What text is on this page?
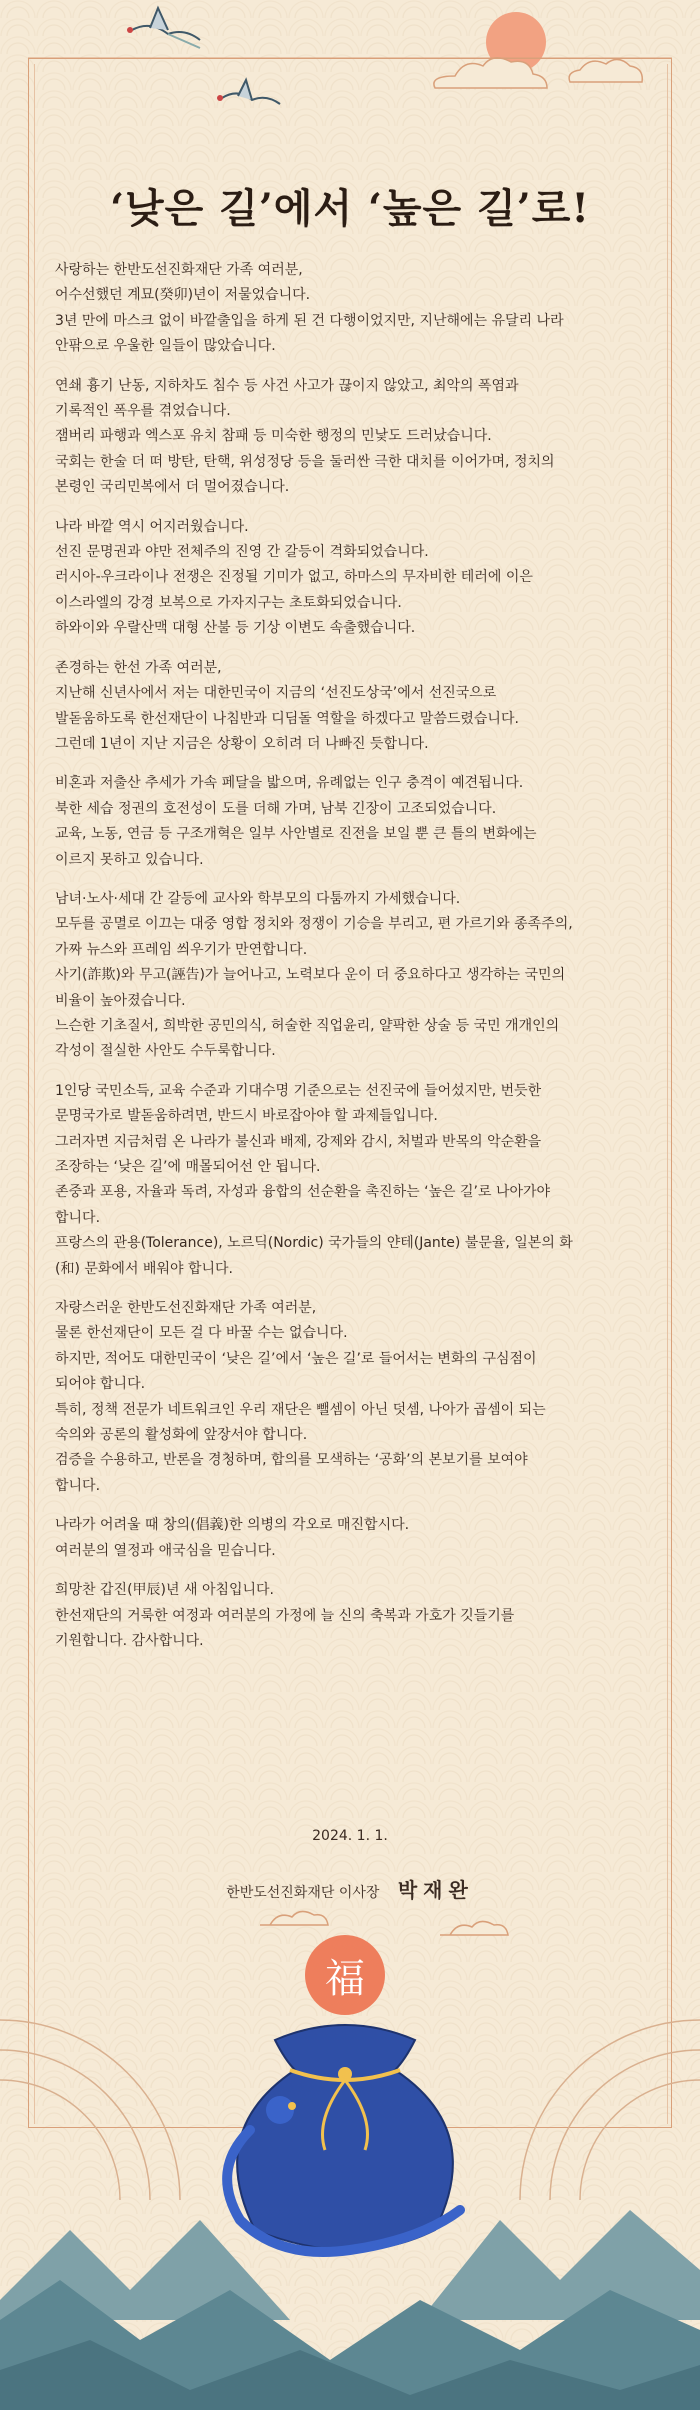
‘낮은 길’에서 ‘높은 길’로!
사랑하는 한반도선진화재단 가족 여러분,
어수선했던 계묘(癸卯)년이 저물었습니다.
3년 만에 마스크 없이 바깥출입을 하게 된 건 다행이었지만, 지난해에는 유달리 나라
안팎으로 우울한 일들이 많았습니다.
연쇄 흉기 난동, 지하차도 침수 등 사건 사고가 끊이지 않았고, 최악의 폭염과
기록적인 폭우를 겪었습니다.
잼버리 파행과 엑스포 유치 참패 등 미숙한 행정의 민낯도 드러났습니다.
국회는 한술 더 떠 방탄, 탄핵, 위성정당 등을 둘러싼 극한 대치를 이어가며, 정치의
본령인 국리민복에서 더 멀어졌습니다.
나라 바깥 역시 어지러웠습니다.
선진 문명권과 야만 전체주의 진영 간 갈등이 격화되었습니다.
러시아-우크라이나 전쟁은 진정될 기미가 없고, 하마스의 무자비한 테러에 이은
이스라엘의 강경 보복으로 가자지구는 초토화되었습니다.
하와이와 우랄산맥 대형 산불 등 기상 이변도 속출했습니다.
존경하는 한선 가족 여러분,
지난해 신년사에서 저는 대한민국이 지금의 ‘선진도상국’에서 선진국으로
발돋움하도록 한선재단이 나침반과 디딤돌 역할을 하겠다고 말씀드렸습니다.
그런데 1년이 지난 지금은 상황이 오히려 더 나빠진 듯합니다.
비혼과 저출산 추세가 가속 페달을 밟으며, 유례없는 인구 충격이 예견됩니다.
북한 세습 정권의 호전성이 도를 더해 가며, 남북 긴장이 고조되었습니다.
교육, 노동, 연금 등 구조개혁은 일부 사안별로 진전을 보일 뿐 큰 틀의 변화에는
이르지 못하고 있습니다.
남녀·노사·세대 간 갈등에 교사와 학부모의 다툼까지 가세했습니다.
모두를 공멸로 이끄는 대중 영합 정치와 정쟁이 기승을 부리고, 편 가르기와 종족주의,
가짜 뉴스와 프레임 씌우기가 만연합니다.
사기(詐欺)와 무고(誣告)가 늘어나고, 노력보다 운이 더 중요하다고 생각하는 국민의
비율이 높아졌습니다.
느슨한 기초질서, 희박한 공민의식, 허술한 직업윤리, 얄팍한 상술 등 국민 개개인의
각성이 절실한 사안도 수두룩합니다.
1인당 국민소득, 교육 수준과 기대수명 기준으로는 선진국에 들어섰지만, 번듯한
문명국가로 발돋움하려면, 반드시 바로잡아야 할 과제들입니다.
그러자면 지금처럼 온 나라가 불신과 배제, 강제와 감시, 처벌과 반목의 악순환을
조장하는 ‘낮은 길’에 매몰되어선 안 됩니다.
존중과 포용, 자율과 독려, 자성과 융합의 선순환을 촉진하는 ‘높은 길’로 나아가야
합니다.
프랑스의 관용(Tolerance), 노르딕(Nordic) 국가들의 얀테(Jante) 불문율, 일본의 화
(和) 문화에서 배워야 합니다.
자랑스러운 한반도선진화재단 가족 여러분,
물론 한선재단이 모든 걸 다 바꿀 수는 없습니다.
하지만, 적어도 대한민국이 ‘낮은 길’에서 ‘높은 길’로 들어서는 변화의 구심점이
되어야 합니다.
특히, 정책 전문가 네트워크인 우리 재단은 뺄셈이 아닌 덧셈, 나아가 곱셈이 되는
숙의와 공론의 활성화에 앞장서야 합니다.
검증을 수용하고, 반론을 경청하며, 합의를 모색하는 ‘공화’의 본보기를 보여야
합니다.
나라가 어려울 때 창의(倡義)한 의병의 각오로 매진합시다.
여러분의 열정과 애국심을 믿습니다.
희망찬 갑진(甲辰)년 새 아침입니다.
한선재단의 거룩한 여정과 여러분의 가정에 늘 신의 축복과 가호가 깃들기를
기원합니다. 감사합니다.
2024. 1. 1.
한반도선진화재단 이사장 박재완
福
